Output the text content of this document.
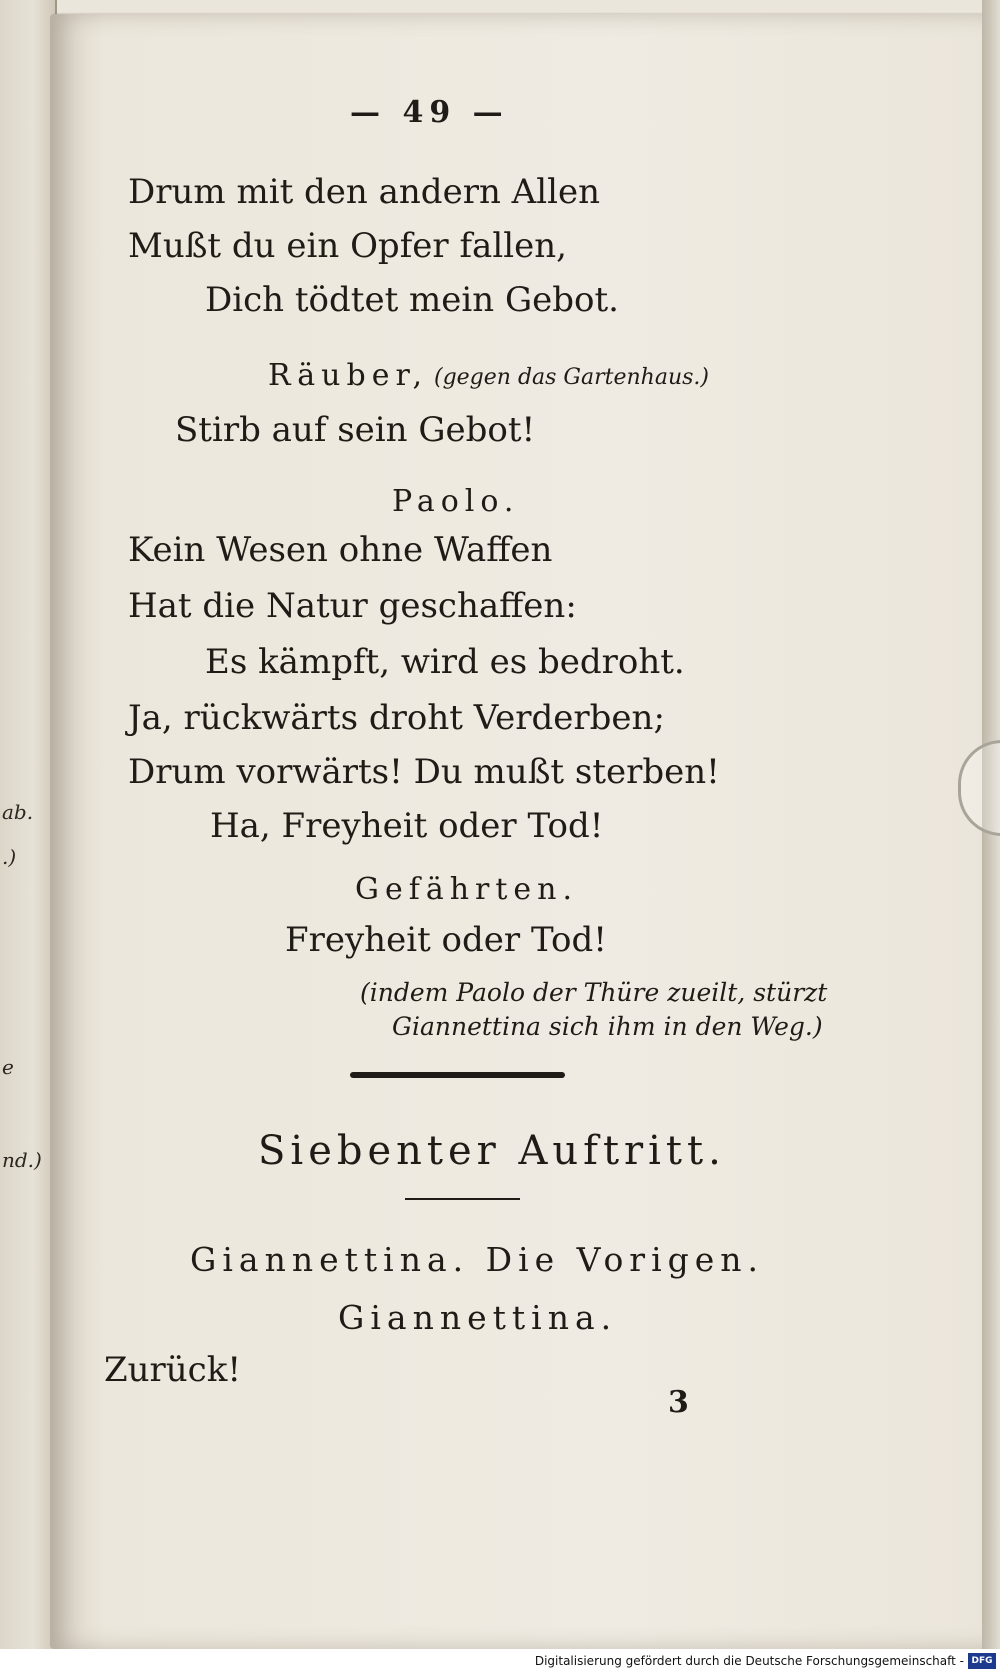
ab.
.)
e
nd.)
— 49 —
Drum mit den andern Allen
Mußt du ein Opfer fallen,
Dich tödtet mein Gebot.
Räuber, (gegen das Gartenhaus.)
Stirb auf sein Gebot!
Paolo.
Kein Wesen ohne Waffen
Hat die Natur geschaffen:
Es kämpft, wird es bedroht.
Ja, rückwärts droht Verderben;
Drum vorwärts! Du mußt sterben!
Ha, Freyheit oder Tod!
Gefährten.
Freyheit oder Tod!
(indem Paolo der Thüre zueilt, stürzt
Giannettina sich ihm in den Weg.)
Siebenter Auftritt.
Giannettina. Die Vorigen.
Giannettina.
Zurück!
3
Digitalisierung gefördert durch die Deutsche Forschungsgemeinschaft - DFG
